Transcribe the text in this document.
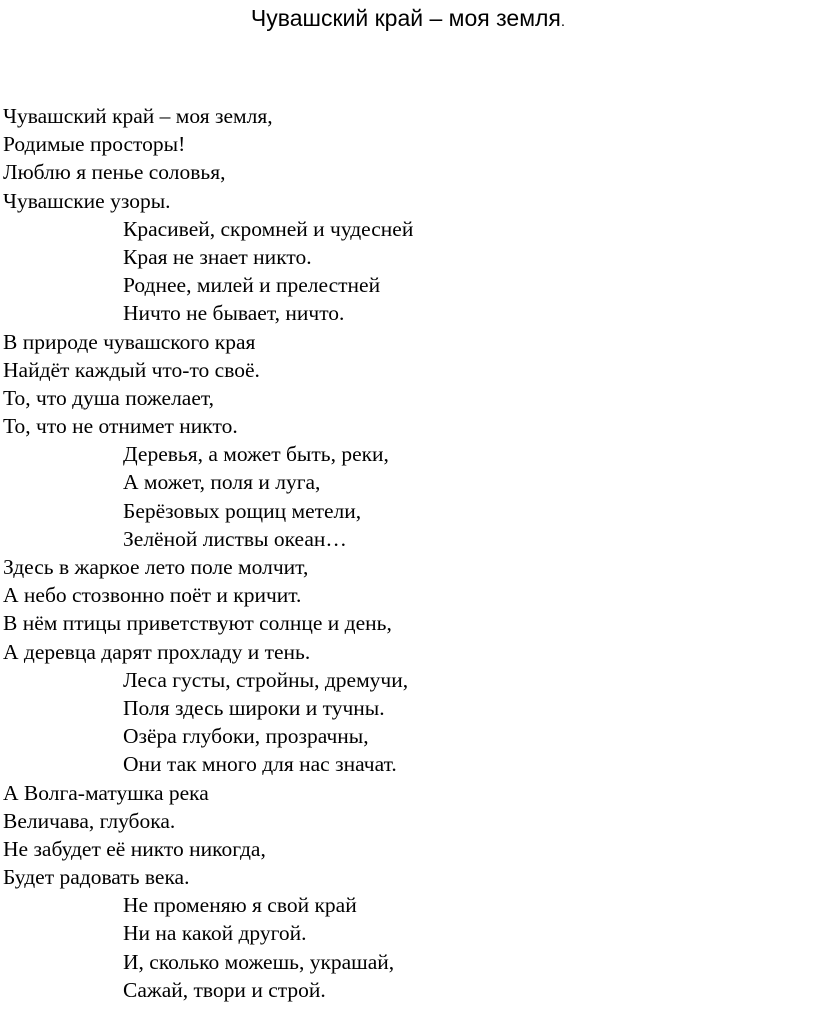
Чувашский край – моя земля.
Чувашский край – моя земля,
Родимые просторы!
Люблю я пенье соловья,
Чувашские узоры.
Красивей, скромней и чудесней
Края не знает никто.
Роднее, милей и прелестней
Ничто не бывает, ничто.
В природе чувашского края
Найдёт каждый что-то своё.
То, что душа пожелает,
То, что не отнимет никто.
Деревья, а может быть, реки,
А может, поля и луга,
Берёзовых рощиц метели,
Зелёной листвы океан…
Здесь в жаркое лето поле молчит,
А небо стозвонно поёт и кричит.
В нём птицы приветствуют солнце и день,
А деревца дарят прохладу и тень.
Леса густы, стройны, дремучи,
Поля здесь широки и тучны.
Озёра глубоки, прозрачны,
Они так много для нас значат.
А Волга-матушка река
Величава, глубока.
Не забудет её никто никогда,
Будет радовать века.
Не променяю я свой край
Ни на какой другой.
И, сколько можешь, украшай,
Сажай, твори и строй.
